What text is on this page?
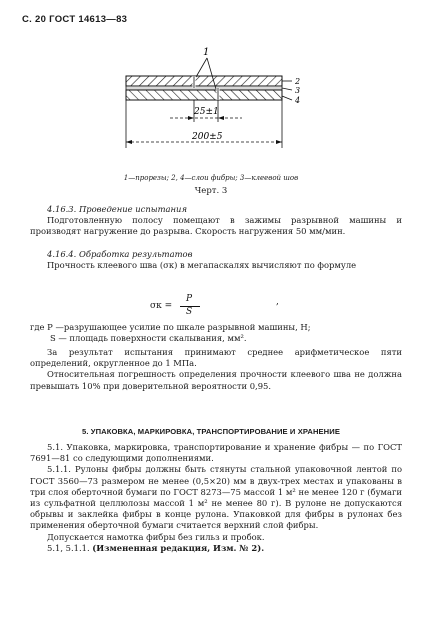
С. 20 ГОСТ 14613—83
1
2
3
4
25±1
200±5
1—прорезы; 2, 4—слои фибры; 3—клеевой шов
Черт. 3

4.16.3. Проведение испытания

Подготовленную полосу помещают в зажимы разрывной машины и производят нагружение до разрыва. Скорость нагружения 50 мм/мин.

4.16.4. Обработка результатов

Прочность клеевого шва (σк) в мегапаскалях вычисляют по формуле

σк =
P
S
,

где P —разрушающее усилие по шкале разрывной машины, Н;

S — площадь поверхности скалывания, мм².

За результат испытания принимают среднее арифметическое пяти определений, округленное до 1 МПа.

Относительная погрешность определения прочности клеевого шва не должна превышать 10% при доверительной вероятности 0,95.

5. УПАКОВКА, МАРКИРОВКА, ТРАНСПОРТИРОВАНИЕ И ХРАНЕНИЕ

5.1. Упаковка, маркировка, транспортирование и хранение фибры — по ГОСТ 7691—81 со следующими дополнениями.

5.1.1. Рулоны фибры должны быть стянуты стальной упаковочной лентой по ГОСТ 3560—73 размером не менее (0,5×20) мм в двух-трех местах и упакованы в три слоя оберточной бумаги по ГОСТ 8273—75 массой 1 м² не менее 120 г (бумаги из сульфатной целлюлозы массой 1 м² не менее 80 г). В рулоне не допускаются обрывы и заклейка фибры в конце рулона. Упаковкой для фибры в рулонах без применения оберточной бумаги считается верхний слой фибры.

Допускается намотка фибры без гильз и пробок.

5.1, 5.1.1. (Измененная редакция, Изм. № 2).
